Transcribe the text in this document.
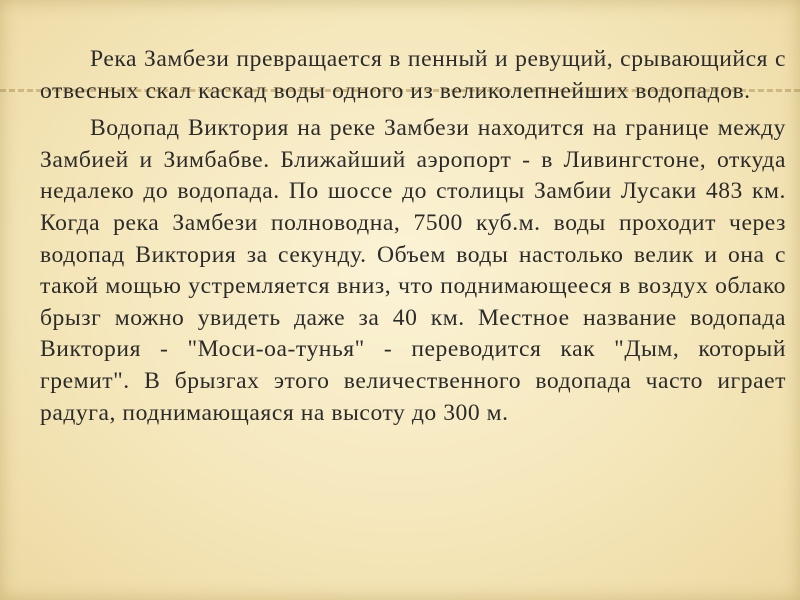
Река Замбези превращается в пенный и ревущий, срывающийся с отвесных скал каскад воды одного из великолепнейших водопадов.

Водопад Виктория на реке Замбези находится на границе между Замбией и Зимбабве. Ближайший аэропорт - в Ливингстоне, откуда недалеко до водопада. По шоссе до столицы Замбии Лусаки 483 км. Когда река Замбези полноводна, 7500 куб.м. воды проходит через водопад Виктория за секунду. Объем воды настолько велик и она с такой мощью устремляется вниз, что поднимающееся в воздух облако брызг можно увидеть даже за 40 км. Местное название водопада Виктория - "Моси-оа-тунья" - переводится как "Дым, который гремит". В брызгах этого величественного водопада часто играет радуга, поднимающаяся на высоту до 300 м.
